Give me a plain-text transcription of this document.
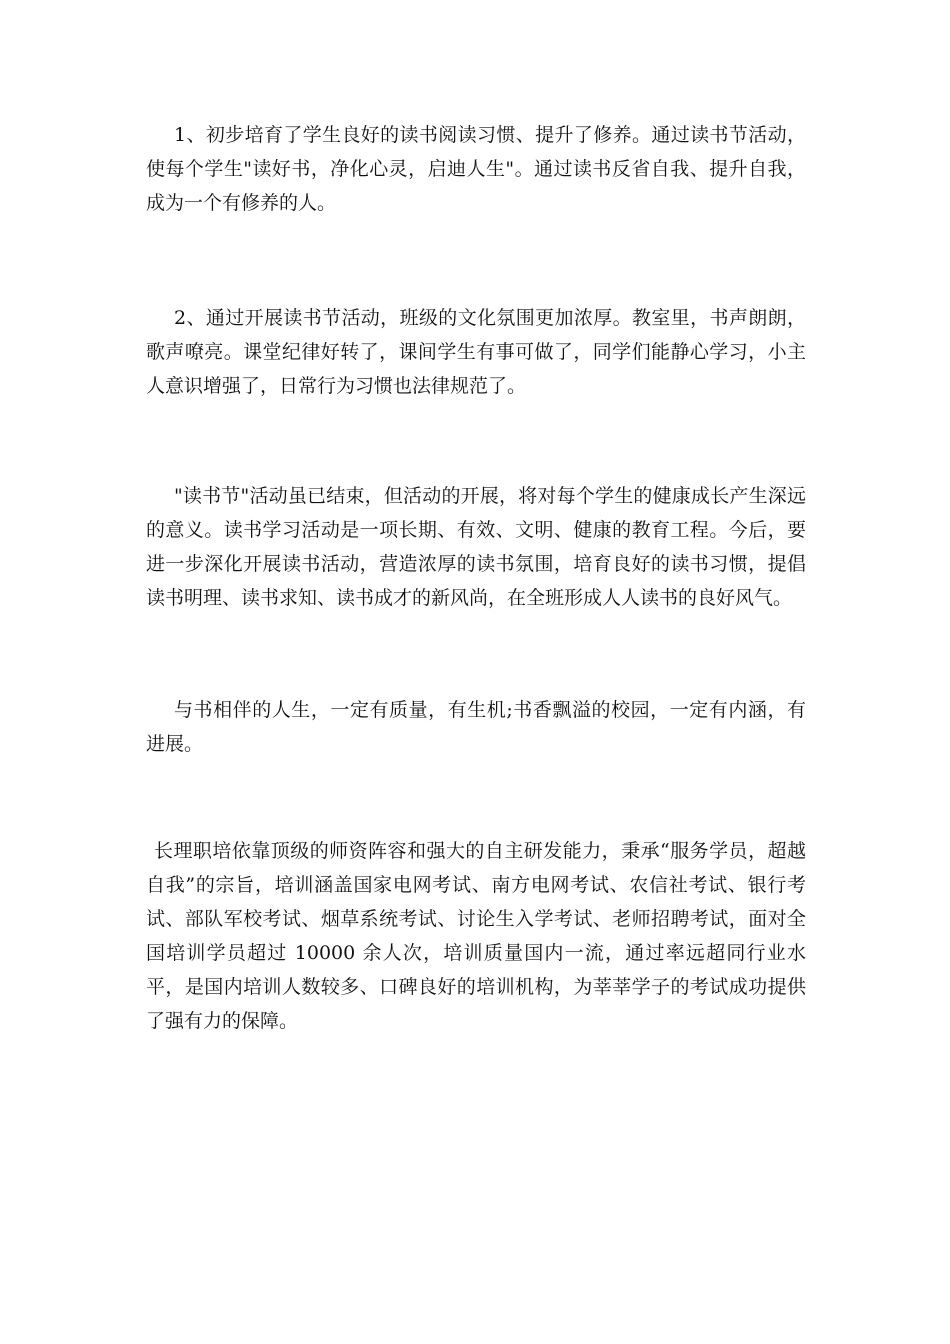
1、初步培育了学生良好的读书阅读习惯、提升了修养。通过读书节活动，使每个学生"读好书，净化心灵，启迪人生"。通过读书反省自我、提升自我，成为一个有修养的人。

2、通过开展读书节活动，班级的文化氛围更加浓厚。教室里，书声朗朗，歌声嘹亮。课堂纪律好转了，课间学生有事可做了，同学们能静心学习，小主人意识增强了，日常行为习惯也法律规范了。

"读书节"活动虽已结束，但活动的开展，将对每个学生的健康成长产生深远的意义。读书学习活动是一项长期、有效、文明、健康的教育工程。今后，要进一步深化开展读书活动，营造浓厚的读书氛围，培育良好的读书习惯，提倡读书明理、读书求知、读书成才的新风尚，在全班形成人人读书的良好风气。

与书相伴的人生，一定有质量，有生机;书香飘溢的校园，一定有内涵，有进展。

长理职培依靠顶级的师资阵容和强大的自主研发能力，秉承“服务学员，超越自我”的宗旨，培训涵盖国家电网考试、南方电网考试、农信社考试、银行考试、部队军校考试、烟草系统考试、讨论生入学考试、老师招聘考试，面对全国培训学员超过 10000 余人次，培训质量国内一流，通过率远超同行业水平，是国内培训人数较多、口碑良好的培训机构，为莘莘学子的考试成功提供了强有力的保障。
